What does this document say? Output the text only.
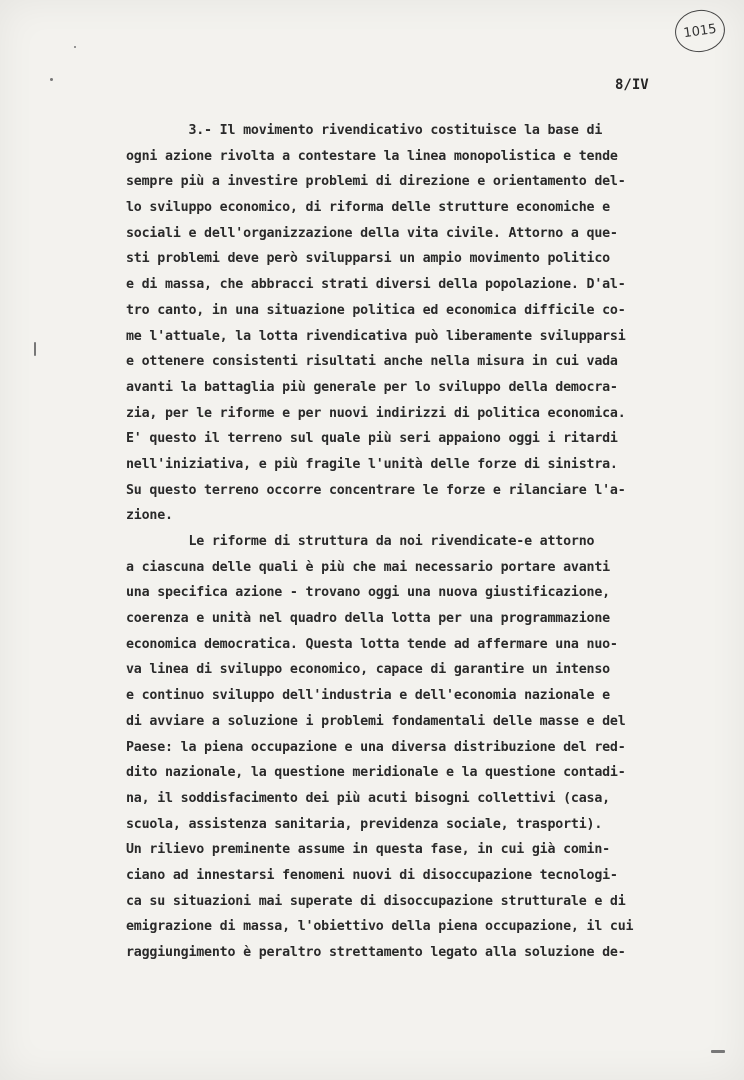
1015
8/IV
3.- Il movimento rivendicativo costituisce la base di
ogni azione rivolta a contestare la linea monopolistica e tende
sempre più a investire problemi di direzione e orientamento del-
lo sviluppo economico, di riforma delle strutture economiche e
sociali e dell'organizzazione della vita civile. Attorno a que-
sti problemi deve però svilupparsi un ampio movimento politico
e di massa, che abbracci strati diversi della popolazione. D'al-
tro canto, in una situazione politica ed economica difficile co-
me l'attuale, la lotta rivendicativa può liberamente svilupparsi
e ottenere consistenti risultati anche nella misura in cui vada
avanti la battaglia più generale per lo sviluppo della democra-
zia, per le riforme e per nuovi indirizzi di politica economica.
E' questo il terreno sul quale più seri appaiono oggi i ritardi
nell'iniziativa, e più fragile l'unità delle forze di sinistra.
Su questo terreno occorre concentrare le forze e rilanciare l'a-
zione.
Le riforme di struttura da noi rivendicate-e attorno
a ciascuna delle quali è più che mai necessario portare avanti
una specifica azione - trovano oggi una nuova giustificazione,
coerenza e unità nel quadro della lotta per una programmazione
economica democratica. Questa lotta tende ad affermare una nuo-
va linea di sviluppo economico, capace di garantire un intenso
e continuo sviluppo dell'industria e dell'economia nazionale e
di avviare a soluzione i problemi fondamentali delle masse e del
Paese: la piena occupazione e una diversa distribuzione del red-
dito nazionale, la questione meridionale e la questione contadi-
na, il soddisfacimento dei più acuti bisogni collettivi (casa,
scuola, assistenza sanitaria, previdenza sociale, trasporti).
Un rilievo preminente assume in questa fase, in cui già comin-
ciano ad innestarsi fenomeni nuovi di disoccupazione tecnologi-
ca su situazioni mai superate di disoccupazione strutturale e di
emigrazione di massa, l'obiettivo della piena occupazione, il cui
raggiungimento è peraltro strettamento legato alla soluzione de-
